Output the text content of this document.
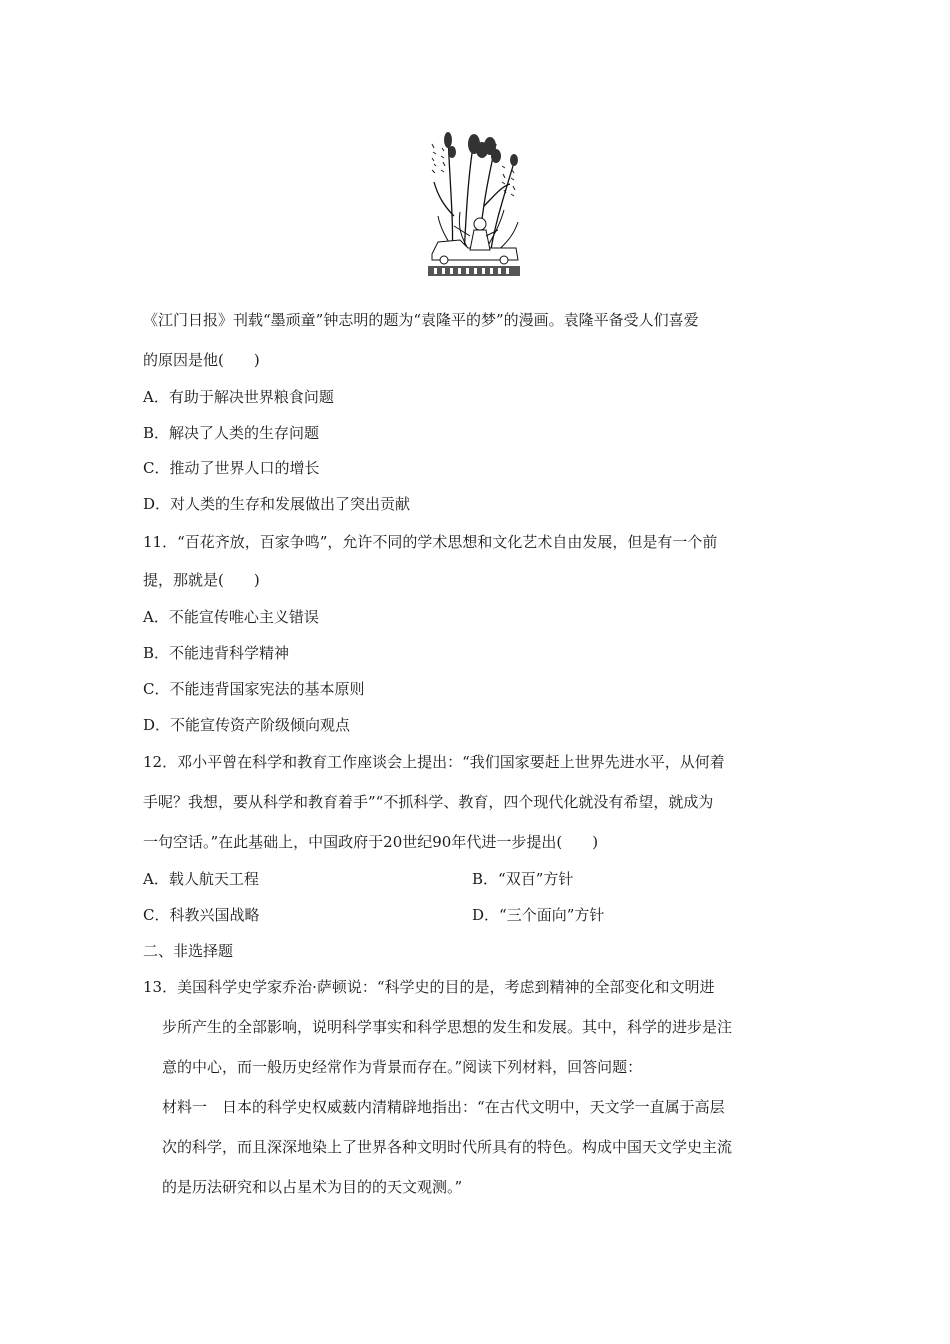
《江门日报》刊载“墨顽童”钟志明的题为“袁隆平的梦”的漫画。袁隆平备受人们喜爱
的原因是他(　　)
A．有助于解决世界粮食问题
B．解决了人类的生存问题
C．推动了世界人口的增长
D．对人类的生存和发展做出了突出贡献
11．“百花齐放，百家争鸣”，允许不同的学术思想和文化艺术自由发展，但是有一个前
提，那就是(　　)
A．不能宣传唯心主义错误
B．不能违背科学精神
C．不能违背国家宪法的基本原则
D．不能宣传资产阶级倾向观点
12．邓小平曾在科学和教育工作座谈会上提出：“我们国家要赶上世界先进水平，从何着
手呢？我想，要从科学和教育着手”“不抓科学、教育，四个现代化就没有希望，就成为
一句空话。”在此基础上，中国政府于20世纪90年代进一步提出(　　)
A．载人航天工程	B．“双百”方针
C．科教兴国战略	D．“三个面向”方针
二、非选择题
13．美国科学史学家乔治·萨顿说：“科学史的目的是，考虑到精神的全部变化和文明进
步所产生的全部影响，说明科学事实和科学思想的发生和发展。其中，科学的进步是注
意的中心，而一般历史经常作为背景而存在。”阅读下列材料，回答问题：
材料一　日本的科学史权威薮内清精辟地指出：“在古代文明中，天文学一直属于高层
次的科学，而且深深地染上了世界各种文明时代所具有的特色。构成中国天文学史主流
的是历法研究和以占星术为目的的天文观测。”
